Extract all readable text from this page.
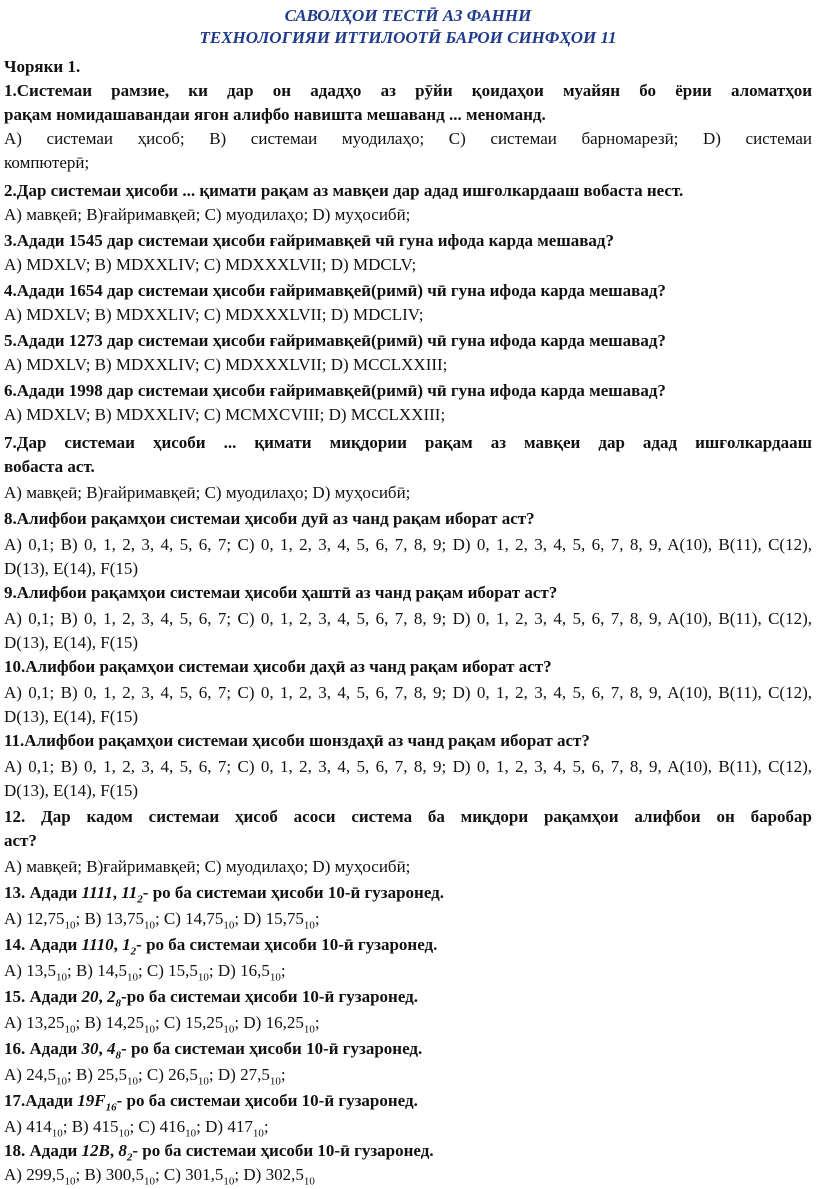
САВОЛҲОИ ТЕСТӢ АЗ ФАННИ
ТЕХНОЛОГИЯИ ИТТИЛООТӢ БАРОИ СИНФҲОИ 11
Чоряки 1.
1.Системаи рамзие, ки дар он ададҳо аз рӯйи қоидаҳои муайян бо ёрии аломатҳои
рақам номидашавандаи ягон алифбо навишта мешаванд ... меноманд.
А) системаи ҳисоб; В) системаи муодилаҳо; С) системаи барномарезӣ; D) системаи
компютерӣ;
2.Дар системаи ҳисоби ... қимати рақам аз мавқеи дар адад ишғолкардааш вобаста нест.
А) мавқеӣ; В)ғайримавқеӣ; С) муодилаҳо; D) муҳосибӣ;
3.Адади 1545 дар системаи ҳисоби ғайримавқеӣ чӣ гуна ифода карда мешавад?
А) MDXLV; B) MDXXLIV; C) MDXXXLVII; D) MDCLV;
4.Адади 1654 дар системаи ҳисоби ғайримавқеӣ(римӣ) чӣ гуна ифода карда мешавад?
А) MDXLV; B) MDXXLIV; C) MDXXXLVII; D) MDCLIV;
5.Адади 1273 дар системаи ҳисоби ғайримавқеӣ(римӣ) чӣ гуна ифода карда мешавад?
А) MDXLV; B) MDXXLIV; C) MDXXXLVII; D) MCCLXXIII;
6.Адади 1998 дар системаи ҳисоби ғайримавқеӣ(римӣ) чӣ гуна ифода карда мешавад?
А) MDXLV; B) MDXXLIV; C) MCMXCVIII; D) MCCLXXIII;
7.Дар системаи ҳисоби ... қимати миқдории рақам аз мавқеи дар адад ишғолкардааш
вобаста аст.
А) мавқеӣ; В)ғайримавқеӣ; С) муодилаҳо; D) муҳосибӣ;
8.Алифбои рақамҳои системаи ҳисоби дуӣ аз чанд рақам иборат аст?
А) 0,1; В) 0, 1, 2, 3, 4, 5, 6, 7; С) 0, 1, 2, 3, 4, 5, 6, 7, 8, 9; D) 0, 1, 2, 3, 4, 5, 6, 7, 8, 9, A(10), B(11), C(12),
D(13), E(14), F(15)
9.Алифбои рақамҳои системаи ҳисоби ҳаштӣ аз чанд рақам иборат аст?
А) 0,1; В) 0, 1, 2, 3, 4, 5, 6, 7; С) 0, 1, 2, 3, 4, 5, 6, 7, 8, 9; D) 0, 1, 2, 3, 4, 5, 6, 7, 8, 9, A(10), B(11), C(12),
D(13), E(14), F(15)
10.Алифбои рақамҳои системаи ҳисоби даҳӣ аз чанд рақам иборат аст?
А) 0,1; В) 0, 1, 2, 3, 4, 5, 6, 7; С) 0, 1, 2, 3, 4, 5, 6, 7, 8, 9; D) 0, 1, 2, 3, 4, 5, 6, 7, 8, 9, A(10), B(11), C(12),
D(13), E(14), F(15)
11.Алифбои рақамҳои системаи ҳисоби шонздаҳӣ аз чанд рақам иборат аст?
А) 0,1; В) 0, 1, 2, 3, 4, 5, 6, 7; С) 0, 1, 2, 3, 4, 5, 6, 7, 8, 9; D) 0, 1, 2, 3, 4, 5, 6, 7, 8, 9, A(10), B(11), C(12),
D(13), E(14), F(15)
12. Дар кадом системаи ҳисоб асоси система ба миқдори рақамҳои алифбои он баробар
аст?
А) мавқеӣ; В)ғайримавқеӣ; С) муодилаҳо; D) муҳосибӣ;
13. Адади 1111, $11_2-$ ро ба системаи ҳисоби 10-ӣ гузаронед.
А) $12,75_{10}$; В) $13,75_{10}$; С) $14,75_{10}$; D) $15,75_{10}$;
14. Адади 1110, $1_2-$ ро ба системаи ҳисоби 10-ӣ гузаронед.
А) $13,5_{10}$; В) $14,5_{10}$; С) $15,5_{10}$; D) $16,5_{10}$;
15. Адади 20, $2_8-ро$ ба системаи ҳисоби 10-ӣ гузаронед.
А) $13,25_{10}$; В) $14,25_{10}$; С) $15,25_{10}$; D) $16,25_{10}$;
16. Адади 30, $4_8-$ ро ба системаи ҳисоби 10-ӣ гузаронед.
А) $24,5_{10}$; В) $25,5_{10}$; С) $26,5_{10}$; D) $27,5_{10}$;
17.Адади $19F_{16}-$ ро ба системаи ҳисоби 10-ӣ гузаронед.
А) $414_{10}$; В) $415_{10}$; С) $416_{10}$; D) $417_{10}$;
18. Адади 12B, $8_2-$ ро ба системаи ҳисоби 10-ӣ гузаронед.
А) $299,5_{10}$; В) $300,5_{10}$; С) $301,5_{10}$; D) $302,5_{10}$
